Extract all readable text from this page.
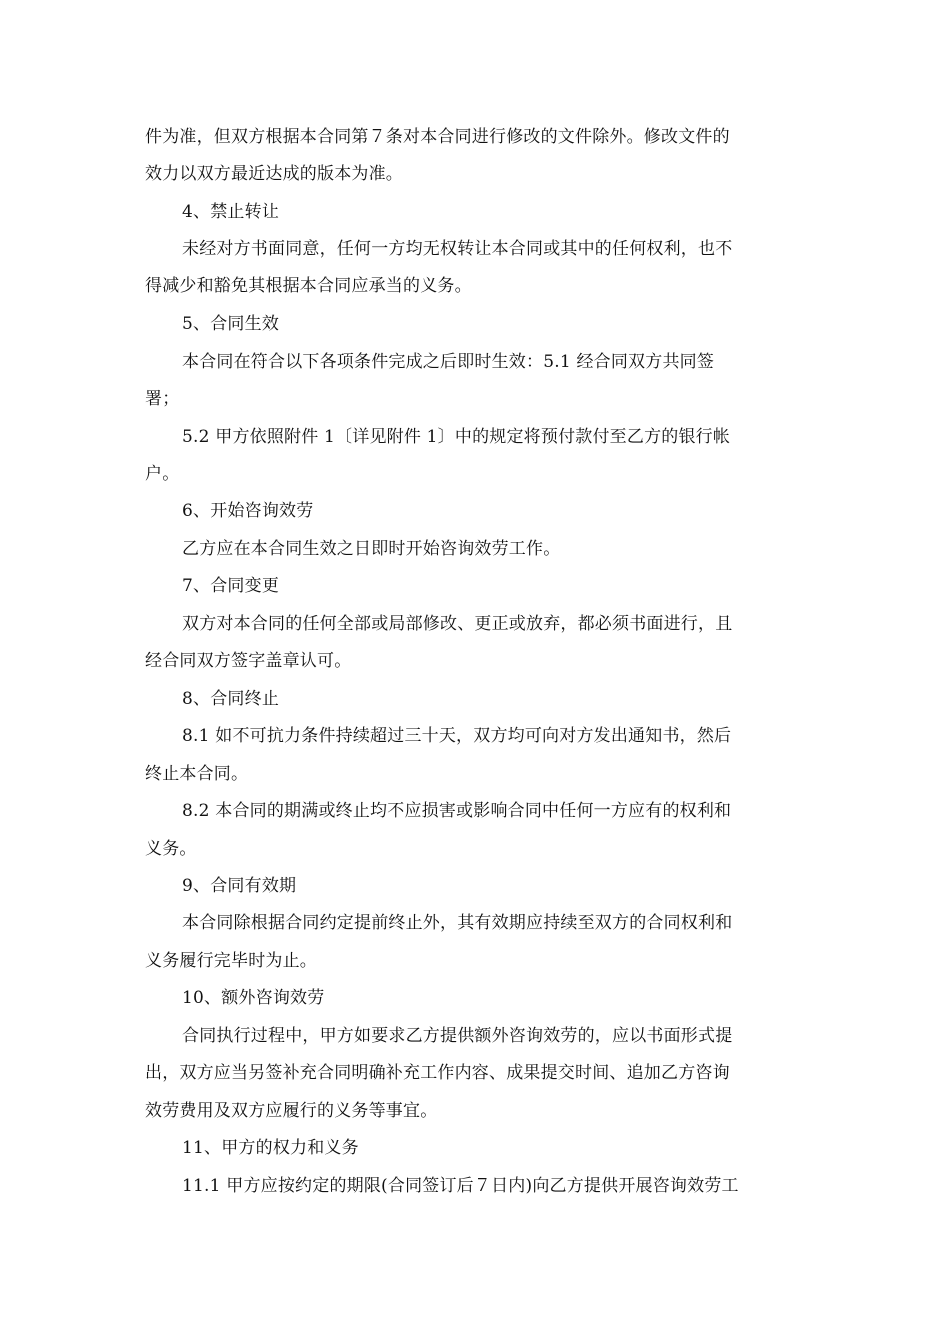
件为准，但双方根据本合同第７条对本合同进行修改的文件除外。修改文件的
效力以双方最近达成的版本为准。
4、禁止转让
未经对方书面同意，任何一方均无权转让本合同或其中的任何权利，也不
得减少和豁免其根据本合同应承当的义务。
5、合同生效
本合同在符合以下各项条件完成之后即时生效：5.1 经合同双方共同签
署；
5.2 甲方依照附件 1〔详见附件 1〕中的规定将预付款付至乙方的银行帐
户。
6、开始咨询效劳
乙方应在本合同生效之日即时开始咨询效劳工作。
7、合同变更
双方对本合同的任何全部或局部修改、更正或放弃，都必须书面进行，且
经合同双方签字盖章认可。
8、合同终止
8.1 如不可抗力条件持续超过三十天，双方均可向对方发出通知书，然后
终止本合同。
8.2 本合同的期满或终止均不应损害或影响合同中任何一方应有的权利和
义务。
9、合同有效期
本合同除根据合同约定提前终止外，其有效期应持续至双方的合同权利和
义务履行完毕时为止。
10、额外咨询效劳
合同执行过程中，甲方如要求乙方提供额外咨询效劳的，应以书面形式提
出，双方应当另签补充合同明确补充工作内容、成果提交时间、追加乙方咨询
效劳费用及双方应履行的义务等事宜。
11、甲方的权力和义务
11.1 甲方应按约定的期限(合同签订后７日内)向乙方提供开展咨询效劳工
